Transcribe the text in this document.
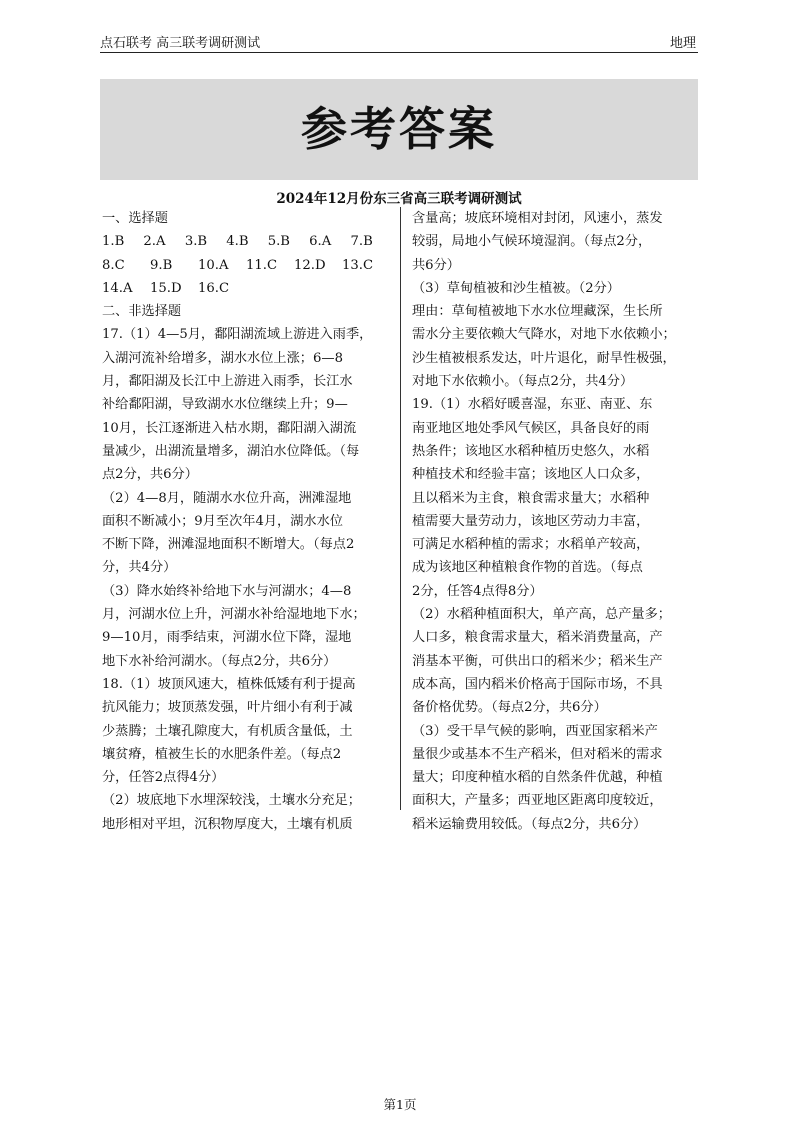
点石联考 高三联考调研测试	地理
参考答案
2024年12月份东三省高三联考调研测试
一、选择题
1.B	2.A	3.B	4.B	5.B	6.A	7.B
8.C	9.B	10.A	11.C	12.D	13.C
14.A	15.D	16.C
二、非选择题
17.（1）4—5月，鄱阳湖流域上游进入雨季，
入湖河流补给增多，湖水水位上涨；6—8
月，鄱阳湖及长江中上游进入雨季，长江水
补给鄱阳湖，导致湖水水位继续上升；9—
10月，长江逐渐进入枯水期，鄱阳湖入湖流
量减少，出湖流量增多，湖泊水位降低。（每
点2分，共6分）
（2）4—8月，随湖水水位升高，洲滩湿地
面积不断减小；9月至次年4月，湖水水位
不断下降，洲滩湿地面积不断增大。（每点2
分，共4分）
（3）降水始终补给地下水与河湖水；4—8
月，河湖水位上升，河湖水补给湿地地下水；
9—10月，雨季结束，河湖水位下降，湿地
地下水补给河湖水。（每点2分，共6分）
18.（1）坡顶风速大，植株低矮有利于提高
抗风能力；坡顶蒸发强，叶片细小有利于减
少蒸腾；土壤孔隙度大，有机质含量低，土
壤贫瘠，植被生长的水肥条件差。（每点2
分，任答2点得4分）
（2）坡底地下水埋深较浅，土壤水分充足；
地形相对平坦，沉积物厚度大，土壤有机质
含量高；坡底环境相对封闭，风速小，蒸发
较弱，局地小气候环境湿润。（每点2分，
共6分）
（3）草甸植被和沙生植被。（2分）
理由：草甸植被地下水水位埋藏深，生长所
需水分主要依赖大气降水，对地下水依赖小；
沙生植被根系发达，叶片退化，耐旱性极强，
对地下水依赖小。（每点2分，共4分）
19.（1）水稻好暖喜湿，东亚、南亚、东
南亚地区地处季风气候区，具备良好的雨
热条件；该地区水稻种植历史悠久，水稻
种植技术和经验丰富；该地区人口众多，
且以稻米为主食，粮食需求量大；水稻种
植需要大量劳动力，该地区劳动力丰富，
可满足水稻种植的需求；水稻单产较高，
成为该地区种植粮食作物的首选。（每点
2分，任答4点得8分）
（2）水稻种植面积大，单产高，总产量多；
人口多，粮食需求量大，稻米消费量高，产
消基本平衡，可供出口的稻米少；稻米生产
成本高，国内稻米价格高于国际市场，不具
备价格优势。（每点2分，共6分）
（3）受干旱气候的影响，西亚国家稻米产
量很少或基本不生产稻米，但对稻米的需求
量大；印度种植水稻的自然条件优越，种植
面积大，产量多；西亚地区距离印度较近，
稻米运输费用较低。（每点2分，共6分）
第1页
